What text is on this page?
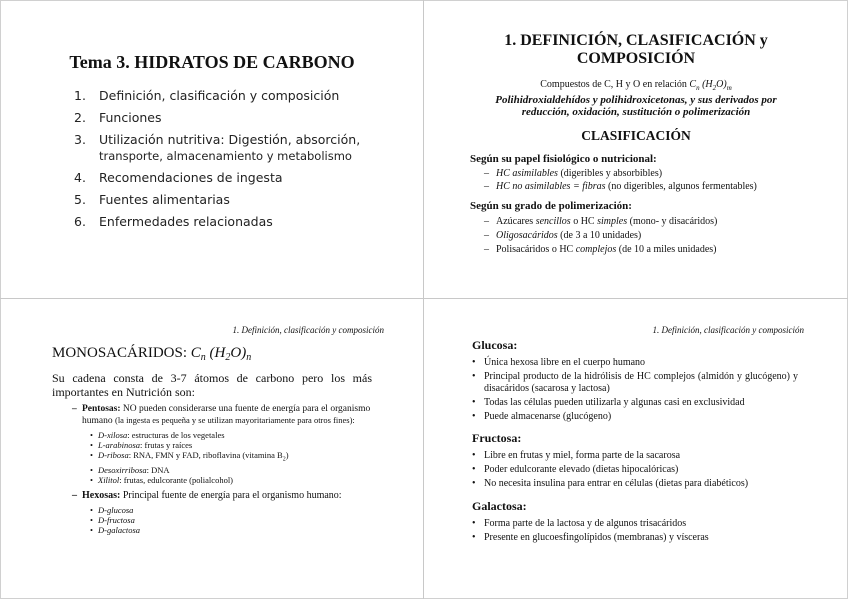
Tema 3. HIDRATOS DE CARBONO
1.	Definición, clasificación y composición
2.	Funciones
3.	Utilización nutritiva: Digestión, absorción,
transporte, almacenamiento y metabolismo
4.	Recomendaciones de ingesta
5.	Fuentes alimentarias
6.	Enfermedades relacionadas
1. DEFINICIÓN, CLASIFICACIÓN y
COMPOSICIÓN
Compuestos de C, H y O en relación $C_n$ $(H_2O)_m$
Polihidroxialdehídos y polihidroxicetonas, y sus derivados por
reducción, oxidación, sustitución o polimerización
CLASIFICACIÓN
Según su papel fisiológico o nutricional:
– HC asimilables (digeribles y absorbibles)
– HC no asimilables = fibras (no digeribles, algunos fermentables)
Según su grado de polimerización:
– Azúcares sencillos o HC simples (mono- y disacáridos)
– Oligosacáridos (de 3 a 10 unidades)
– Polisacáridos o HC complejos (de 10 a miles unidades)
1. Definición, clasificación y composición
MONOSACÁRIDOS: $C_n$ $(H_2O)_n$
Su cadena consta de 3-7 átomos de carbono pero los más importantes en Nutrición son:
– Pentosas: NO pueden considerarse una fuente de energía para el organismo humano (la ingesta es pequeña y se utilizan mayoritariamente para otros fines):
• D-xilosa: estructuras de los vegetales
• L-arabinosa: frutas y raíces
• D-ribosa: RNA, FMN y FAD, riboflavina (vitamina $B_2$)
• Desoxirribosa: DNA
• Xilitol: frutas, edulcorante (polialcohol)
– Hexosas: Principal fuente de energía para el organismo humano:
• D-glucosa
• D-fructosa
• D-galactosa
1. Definición, clasificación y composición
Glucosa:
• Única hexosa libre en el cuerpo humano
• Principal producto de la hidrólisis de HC complejos (almidón y glucógeno) y disacáridos (sacarosa y lactosa)
• Todas las células pueden utilizarla y algunas casi en exclusividad
• Puede almacenarse (glucógeno)
Fructosa:
• Libre en frutas y miel, forma parte de la sacarosa
• Poder edulcorante elevado (dietas hipocalóricas)
• No necesita insulina para entrar en células (dietas para diabéticos)
Galactosa:
• Forma parte de la lactosa y de algunos trisacáridos
• Presente en glucoesfingolípidos (membranas) y vísceras
